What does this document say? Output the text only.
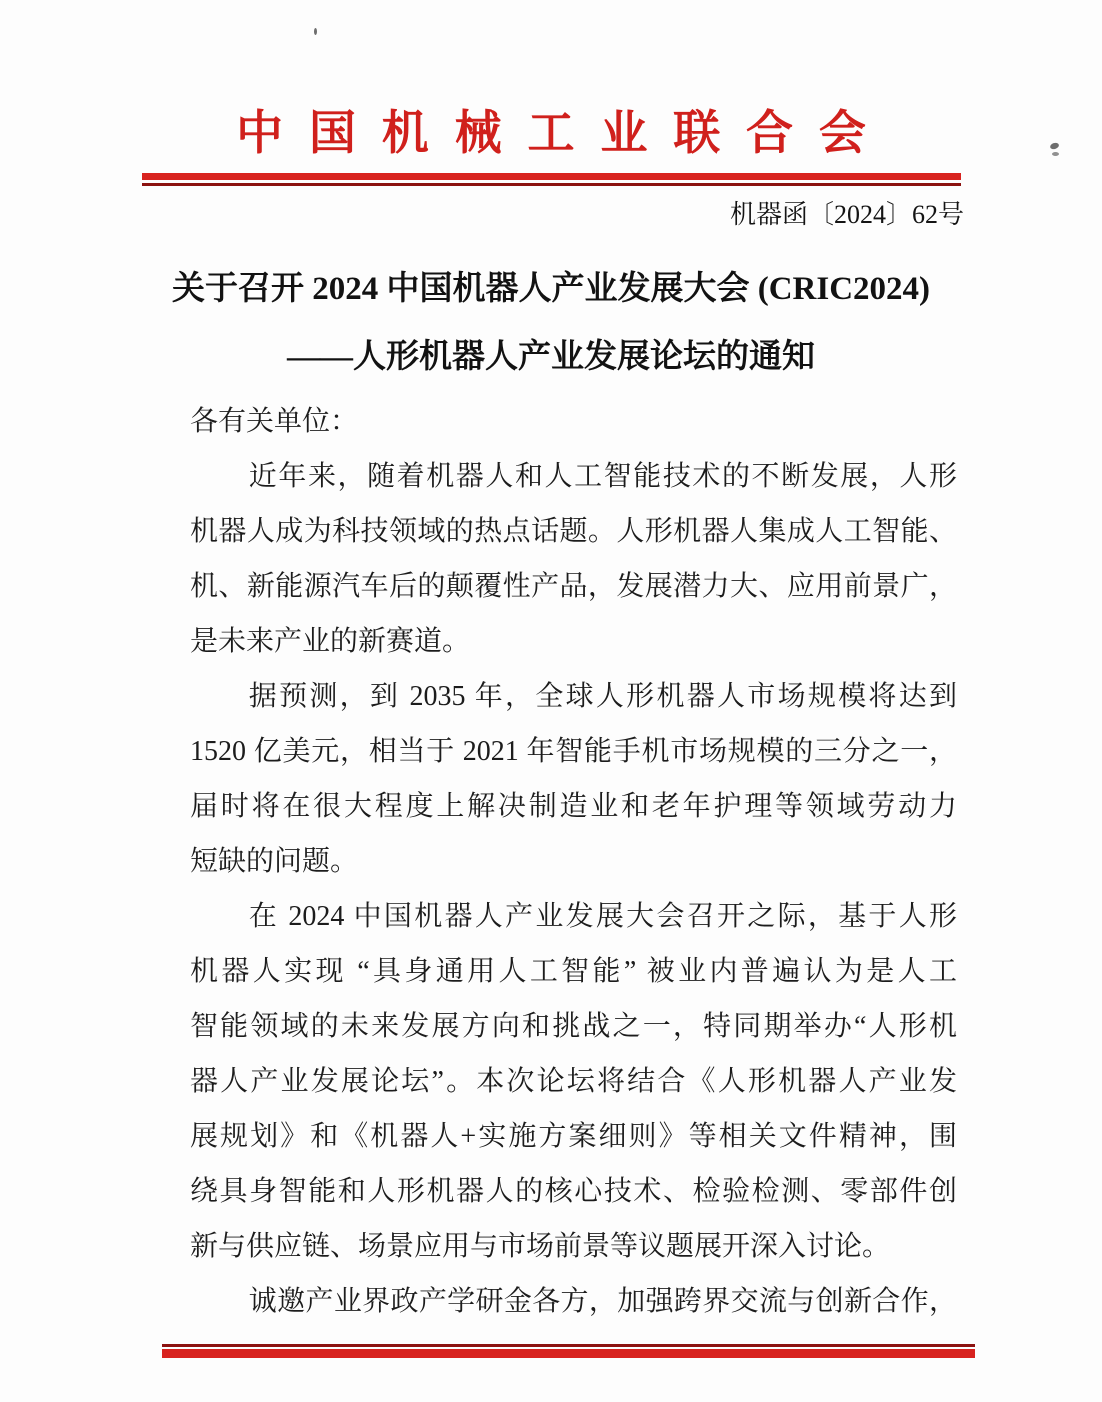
中国机械工业联合会
机器函〔2024〕62号
关于召开 2024 中国机器人产业发展大会 (CRIC2024)
——人形机器人产业发展论坛的通知
各有关单位：
近年来，随着机器人和人工智能技术的不断发展，人形
机器人成为科技领域的热点话题。人形机器人集成人工智能、
机、新能源汽车后的颠覆性产品，发展潜力大、应用前景广，
是未来产业的新赛道。
据预测，到 2035 年，全球人形机器人市场规模将达到
1520 亿美元，相当于 2021 年智能手机市场规模的三分之一，
届时将在很大程度上解决制造业和老年护理等领域劳动力
短缺的问题。
在 2024 中国机器人产业发展大会召开之际，基于人形
机器人实现 “具身通用人工智能” 被业内普遍认为是人工
智能领域的未来发展方向和挑战之一，特同期举办“人形机
器人产业发展论坛”。本次论坛将结合《人形机器人产业发
展规划》和《机器人+实施方案细则》等相关文件精神，围
绕具身智能和人形机器人的核心技术、检验检测、零部件创
新与供应链、场景应用与市场前景等议题展开深入讨论。
诚邀产业界政产学研金各方，加强跨界交流与创新合作，
